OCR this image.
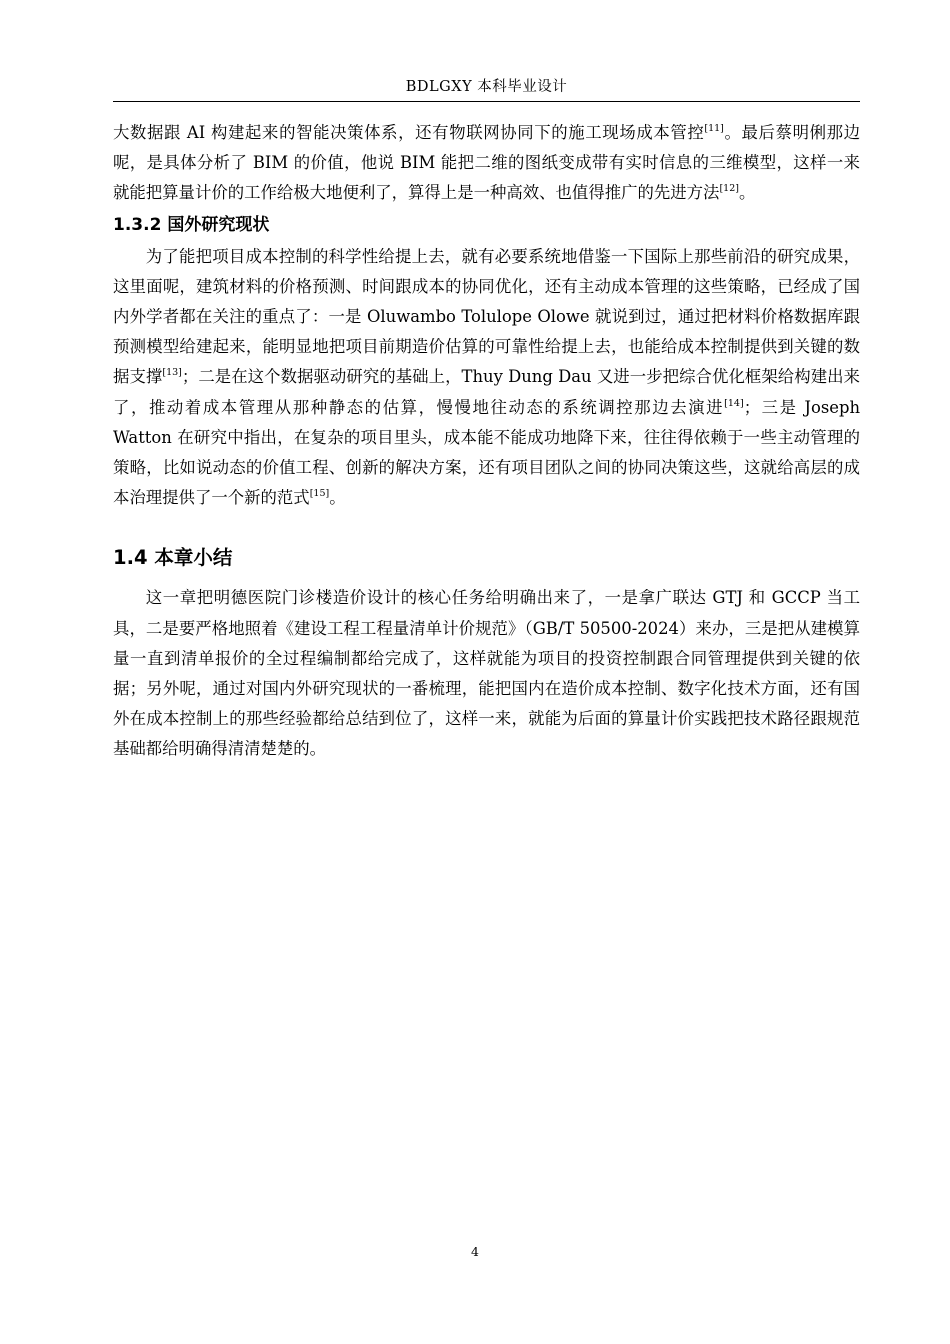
BDLGXY 本科毕业设计

大数据跟 AI 构建起来的智能决策体系，还有物联网协同下的施工现场成本管控[11]。最后蔡明俐那边呢，是具体分析了 BIM 的价值，他说 BIM 能把二维的图纸变成带有实时信息的三维模型，这样一来就能把算量计价的工作给极大地便利了，算得上是一种高效、也值得推广的先进方法[12]。

1.3.2 国外研究现状

为了能把项目成本控制的科学性给提上去，就有必要系统地借鉴一下国际上那些前沿的研究成果，这里面呢，建筑材料的价格预测、时间跟成本的协同优化，还有主动成本管理的这些策略，已经成了国内外学者都在关注的重点了：一是 Oluwambo Tolulope Olowe 就说到过，通过把材料价格数据库跟预测模型给建起来，能明显地把项目前期造价估算的可靠性给提上去，也能给成本控制提供到关键的数据支撑[13]；二是在这个数据驱动研究的基础上，Thuy Dung Dau 又进一步把综合优化框架给构建出来了，推动着成本管理从那种静态的估算，慢慢地往动态的系统调控那边去演进[14]；三是 Joseph Watton 在研究中指出，在复杂的项目里头，成本能不能成功地降下来，往往得依赖于一些主动管理的策略，比如说动态的价值工程、创新的解决方案，还有项目团队之间的协同决策这些，这就给高层的成本治理提供了一个新的范式[15]。

1.4 本章小结

这一章把明德医院门诊楼造价设计的核心任务给明确出来了，一是拿广联达 GTJ 和 GCCP 当工具，二是要严格地照着《建设工程工程量清单计价规范》（GB/T 50500-2024）来办，三是把从建模算量一直到清单报价的全过程编制都给完成了，这样就能为项目的投资控制跟合同管理提供到关键的依据；另外呢，通过对国内外研究现状的一番梳理，能把国内在造价成本控制、数字化技术方面，还有国外在成本控制上的那些经验都给总结到位了，这样一来，就能为后面的算量计价实践把技术路径跟规范基础都给明确得清清楚楚的。

4
